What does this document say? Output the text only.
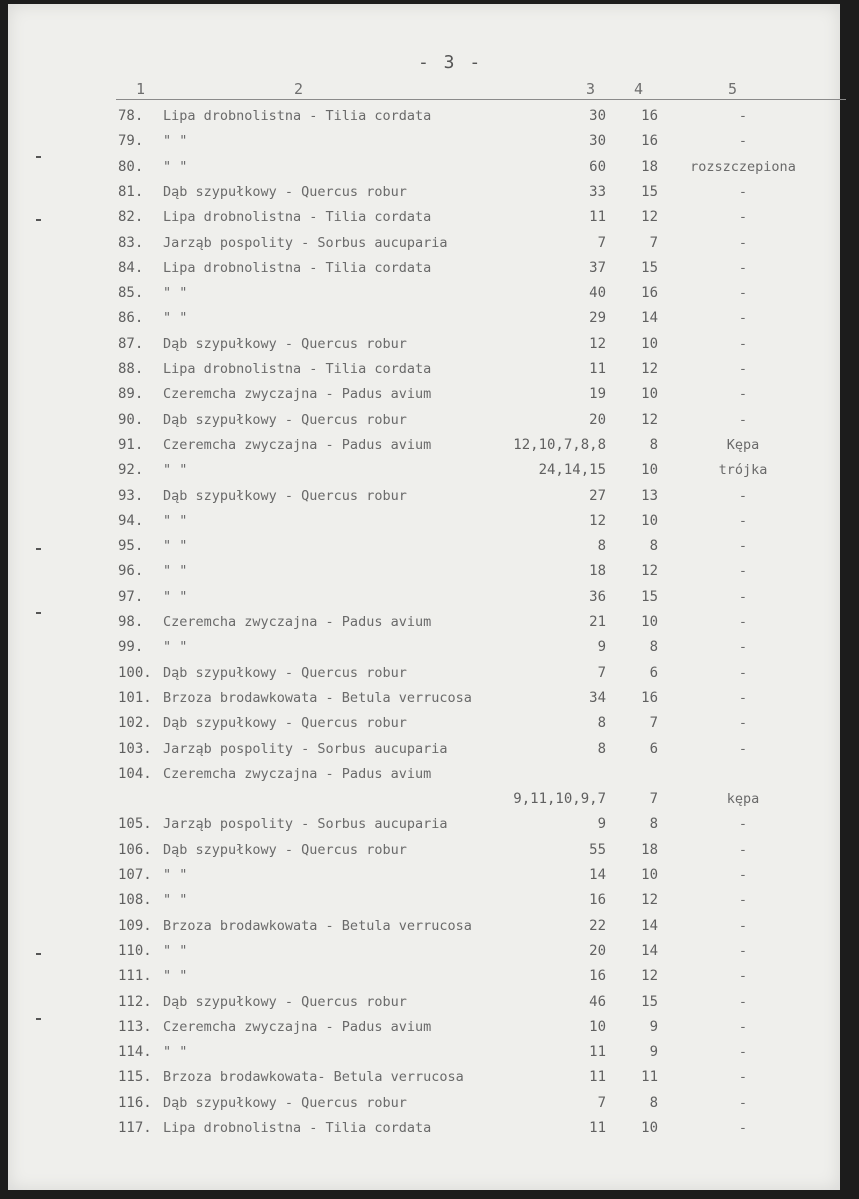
- 3 -
1	2	3	4	5
78. Lipa drobnolistna - Tilia cordata	30	16	-
79. " "	30	16	-
80. " "	60	18	rozszczepiona
81. Dąb szypułkowy - Quercus robur	33	15	-
82. Lipa drobnolistna - Tilia cordata	11	12	-
83. Jarząb pospolity - Sorbus aucuparia	7	7	-
84. Lipa drobnolistna - Tilia cordata	37	15	-
85. " "	40	16	-
86. " "	29	14	-
87. Dąb szypułkowy - Quercus robur	12	10	-
88. Lipa drobnolistna - Tilia cordata	11	12	-
89. Czeremcha zwyczajna - Padus avium	19	10	-
90. Dąb szypułkowy - Quercus robur	20	12	-
91. Czeremcha zwyczajna - Padus avium	12,10,7,8,8	8	Kępa
92. " "	24,14,15	10	trójka
93. Dąb szypułkowy - Quercus robur	27	13	-
94. " "	12	10	-
95. " "	8	8	-
96. " "	18	12	-
97. " "	36	15	-
98. Czeremcha zwyczajna - Padus avium	21	10	-
99. " "	9	8	-
100. Dąb szypułkowy - Quercus robur	7	6	-
101. Brzoza brodawkowata - Betula verrucosa	34	16	-
102. Dąb szypułkowy - Quercus robur	8	7	-
103. Jarząb pospolity - Sorbus aucuparia	8	6	-
104. Czeremcha zwyczajna - Padus avium
9,11,10,9,7	7	kępa
105. Jarząb pospolity - Sorbus aucuparia	9	8	-
106. Dąb szypułkowy - Quercus robur	55	18	-
107. " "	14	10	-
108. " "	16	12	-
109. Brzoza brodawkowata - Betula verrucosa	22	14	-
110. " "	20	14	-
111. " "	16	12	-
112. Dąb szypułkowy - Quercus robur	46	15	-
113. Czeremcha zwyczajna - Padus avium	10	9	-
114. " "	11	9	-
115. Brzoza brodawkowata- Betula verrucosa	11	11	-
116. Dąb szypułkowy - Quercus robur	7	8	-
117. Lipa drobnolistna - Tilia cordata	11	10	-
